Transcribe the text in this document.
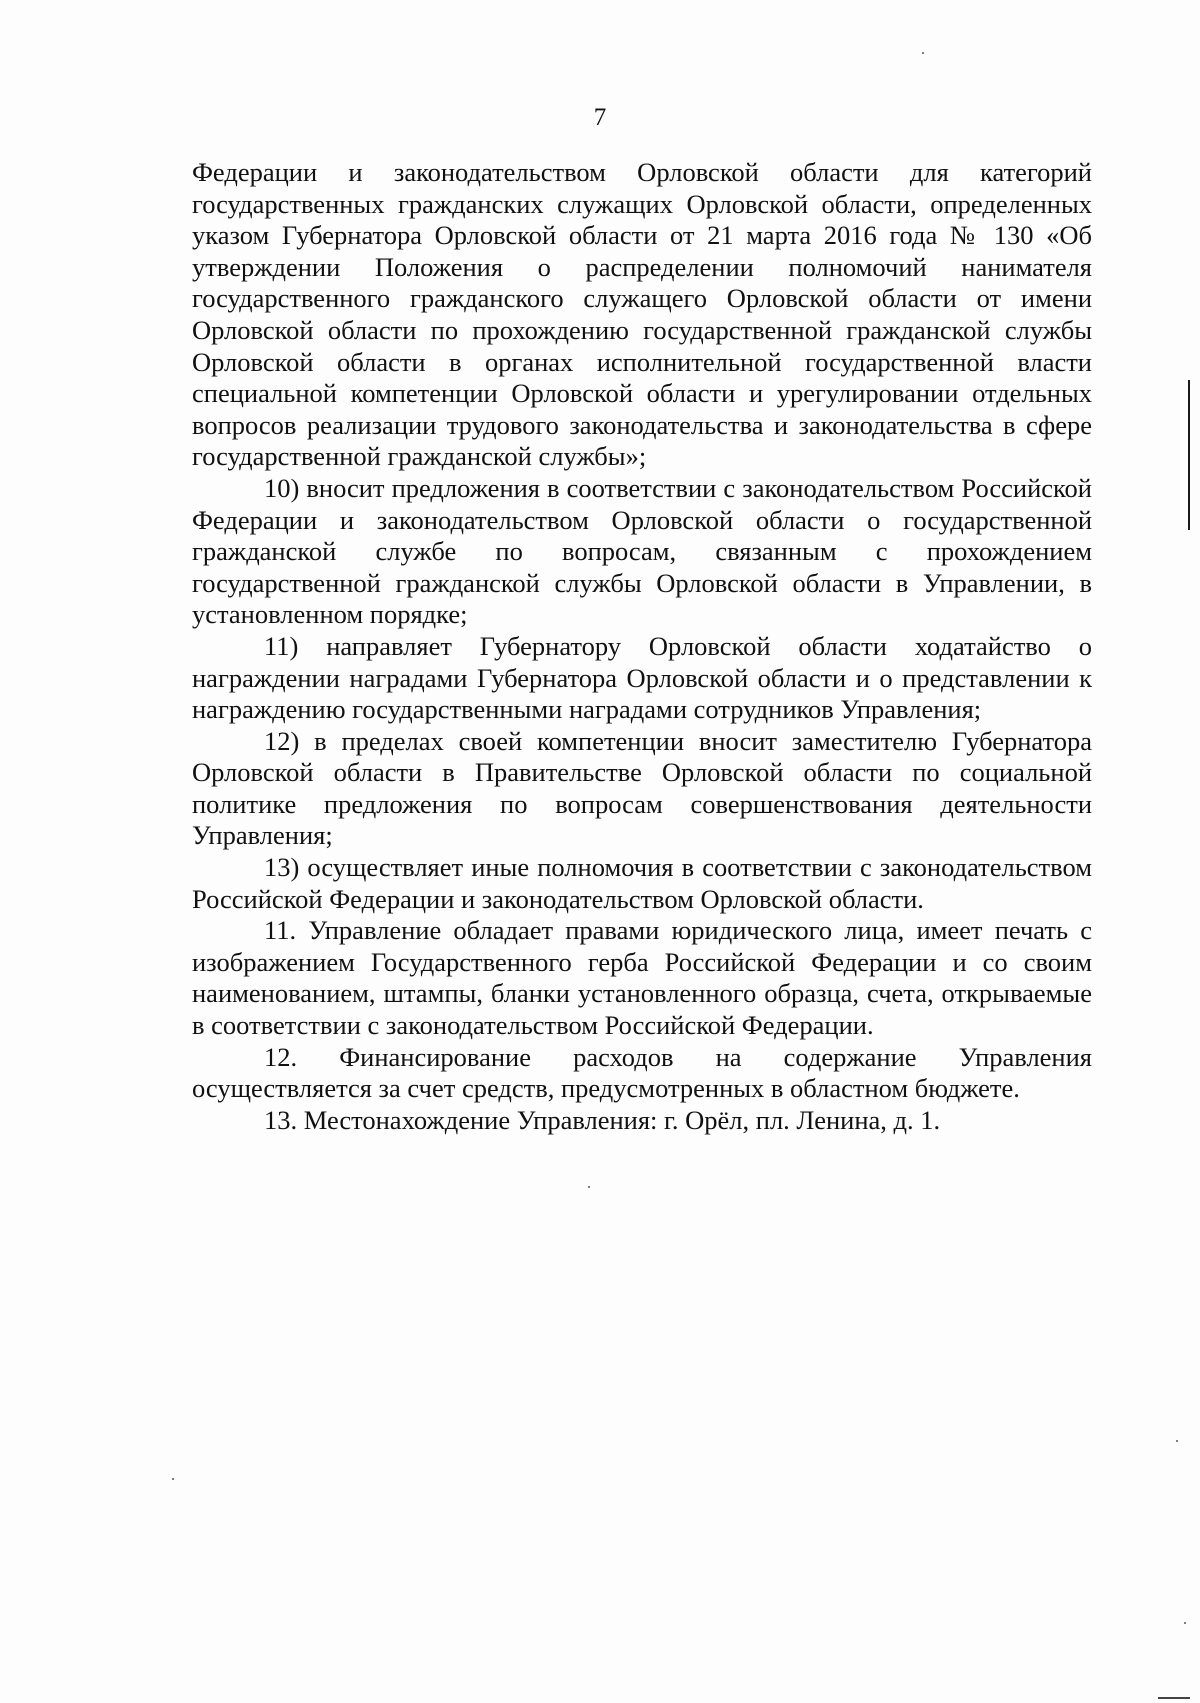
7

Федерации и законодательством Орловской области для категорий государственных гражданских служащих Орловской области, определенных указом Губернатора Орловской области от 21 марта 2016 года № 130 «Об утверждении Положения о распределении полномочий нанимателя государственного гражданского служащего Орловской области от имени Орловской области по прохождению государственной гражданской службы Орловской области в органах исполнительной государственной власти специальной компетенции Орловской области и урегулировании отдельных вопросов реализации трудового законодательства и законодательства в сфере государственной гражданской службы»;

10) вносит предложения в соответствии с законодательством Российской Федерации и законодательством Орловской области о государственной гражданской службе по вопросам, связанным с прохождением государственной гражданской службы Орловской области в Управлении, в установленном порядке;

11) направляет Губернатору Орловской области ходатайство о награждении наградами Губернатора Орловской области и о представлении к награждению государственными наградами сотрудников Управления;

12) в пределах своей компетенции вносит заместителю Губернатора Орловской области в Правительстве Орловской области по социальной политике предложения по вопросам совершенствования деятельности Управления;

13) осуществляет иные полномочия в соответствии с законодательством Российской Федерации и законодательством Орловской области.

11. Управление обладает правами юридического лица, имеет печать с изображением Государственного герба Российской Федерации и со своим наименованием, штампы, бланки установленного образца, счета, открываемые в соответствии с законодательством Российской Федерации.

12. Финансирование расходов на содержание Управления осуществляется за счет средств, предусмотренных в областном бюджете.

13. Местонахождение Управления: г. Орёл, пл. Ленина, д. 1.
